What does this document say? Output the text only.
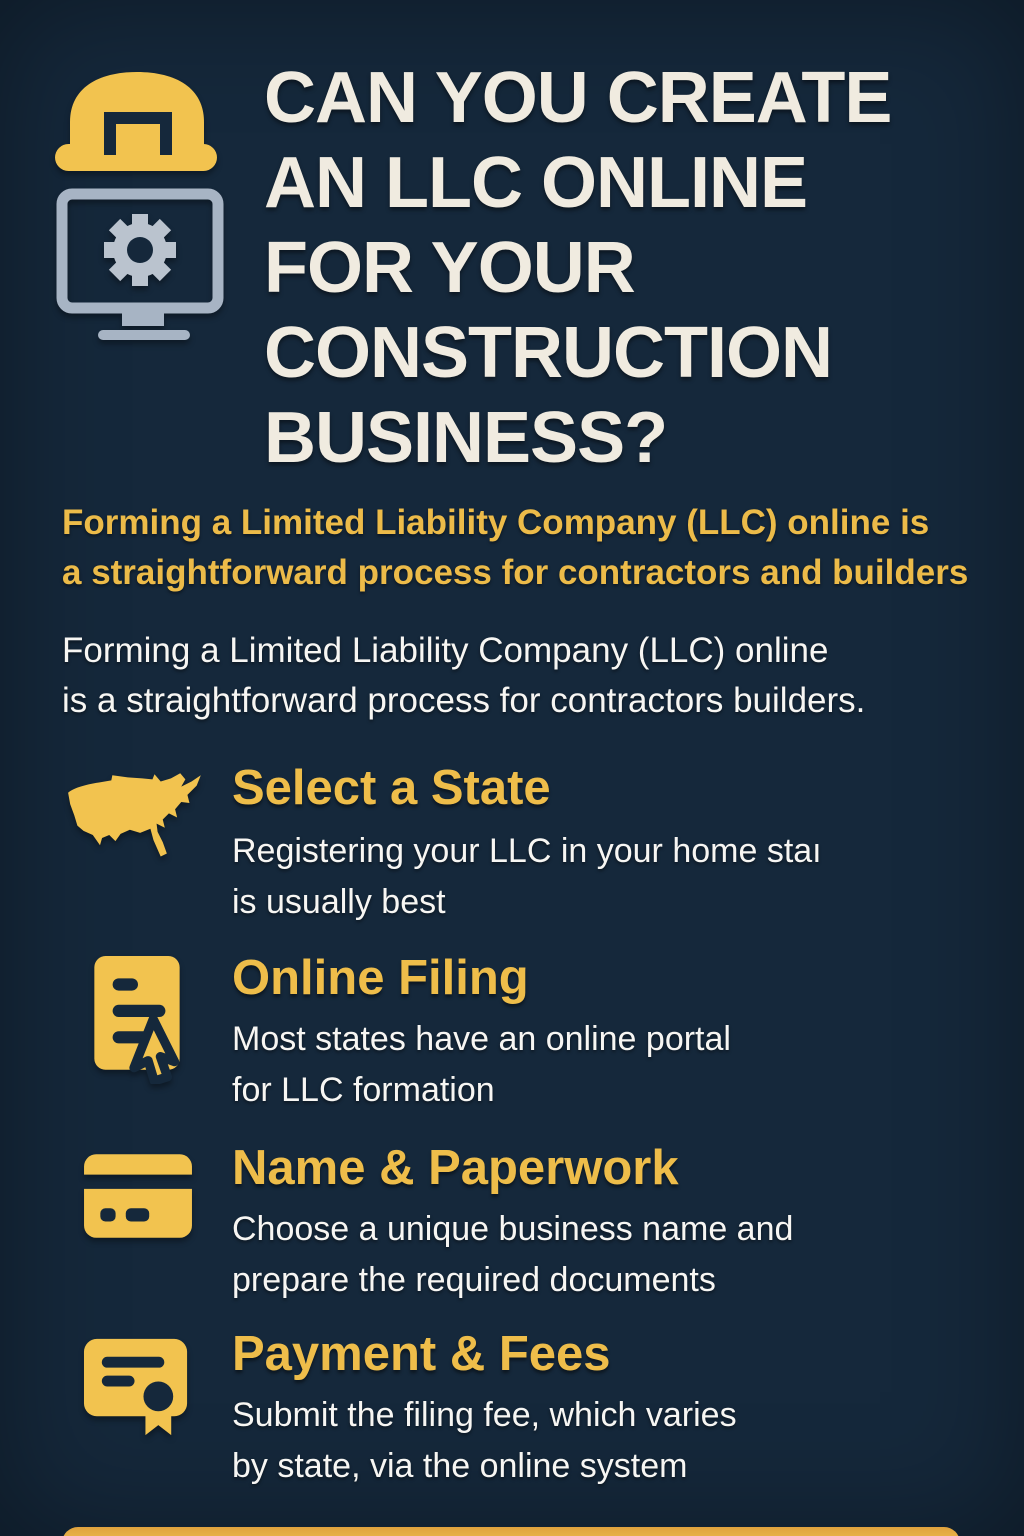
CAN YOU CREATE
AN LLC ONLINE
FOR YOUR
CONSTRUCTION
BUSINESS?
Forming a Limited Liability Company (LLC) online is
a straightforward process for contractors and builders
Forming a Limited Liability Company (LLC) online
is a straightforward process for contractors builders.
Select a State
Registering your LLC in your home staı
is usually best
Online Filing
Most states have an online portal
for LLC formation
Name & Paperwork
Choose a unique business name and
prepare the required documents
Payment & Fees
Submit the filing fee, which varies
by state, via the online system
